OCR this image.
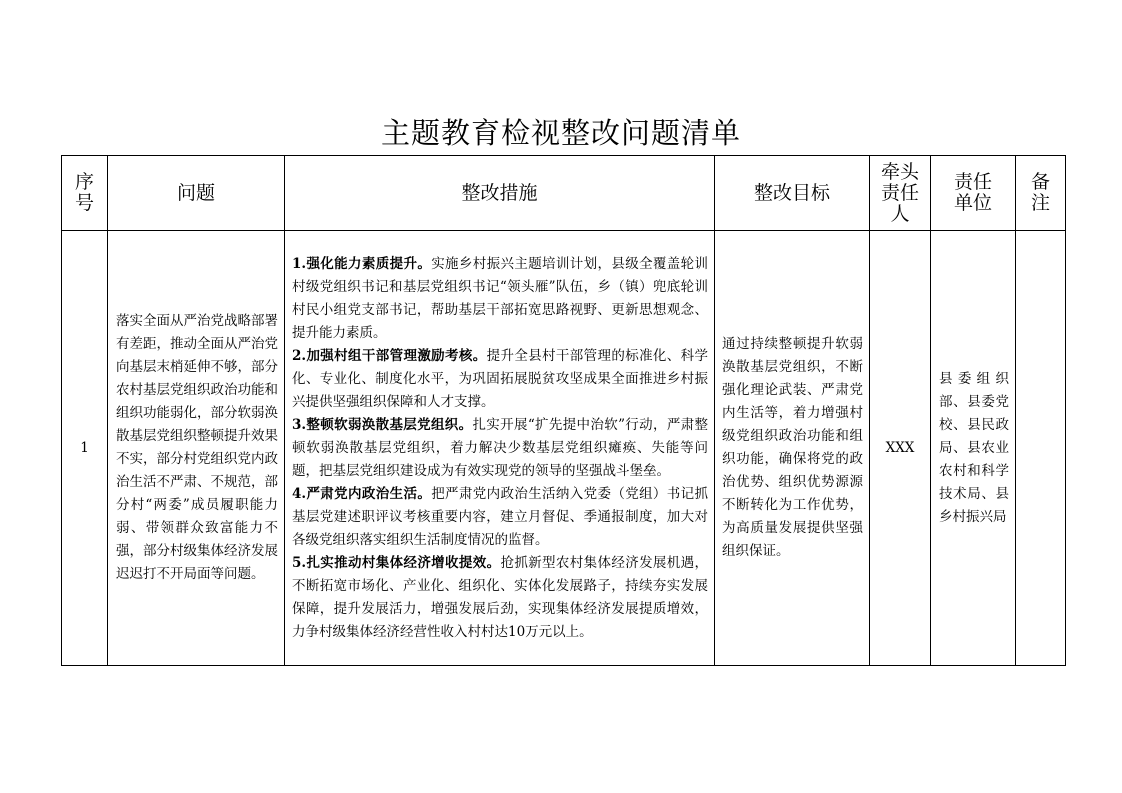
主题教育检视整改问题清单
序
号	问题	整改措施	整改目标	牵头
责任
人	责任
单位	备
注

1	落实全面从严治党战略部署有差距，推动全面从严治党向基层末梢延伸不够，部分农村基层党组织政治功能和组织功能弱化，部分软弱涣散基层党组织整顿提升效果不实，部分村党组织党内政治生活不严肃、不规范，部分村“两委”成员履职能力弱、带领群众致富能力不强，部分村级集体经济发展迟迟打不开局面等问题。	1.强化能力素质提升。实施乡村振兴主题培训计划，县级全覆盖轮训村级党组织书记和基层党组织书记“领头雁”队伍，乡（镇）兜底轮训村民小组党支部书记，帮助基层干部拓宽思路视野、更新思想观念、提升能力素质。
2.加强村组干部管理激励考核。提升全县村干部管理的标准化、科学化、专业化、制度化水平，为巩固拓展脱贫攻坚成果全面推进乡村振兴提供坚强组织保障和人才支撑。
3.整顿软弱涣散基层党组织。扎实开展“扩先提中治软”行动，严肃整顿软弱涣散基层党组织，着力解决少数基层党组织瘫痪、失能等问题，把基层党组织建设成为有效实现党的领导的坚强战斗堡垒。
4.严肃党内政治生活。把严肃党内政治生活纳入党委（党组）书记抓基层党建述职评议考核重要内容，建立月督促、季通报制度，加大对各级党组织落实组织生活制度情况的监督。
5.扎实推动村集体经济增收提效。抢抓新型农村集体经济发展机遇，不断拓宽市场化、产业化、组织化、实体化发展路子，持续夯实发展保障，提升发展活力，增强发展后劲，实现集体经济发展提质增效，力争村级集体经济经营性收入村村达10万元以上。	通过持续整顿提升软弱涣散基层党组织，不断强化理论武装、严肃党内生活等，着力增强村级党组织政治功能和组织功能，确保将党的政治优势、组织优势源源不断转化为工作优势，为高质量发展提供坚强组织保证。	XXX	县委组织部、县委党校、县民政局、县农业农村和科学技术局、县乡村振兴局	
